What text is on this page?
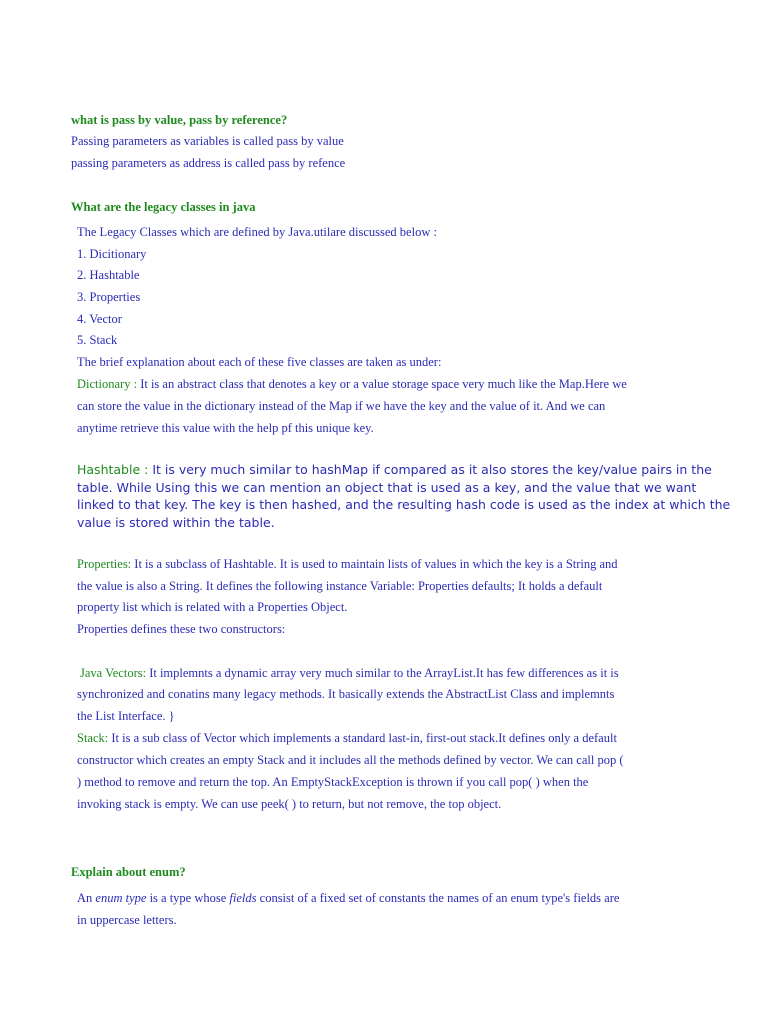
what is pass by value, pass by reference?
Passing parameters as variables is called pass by value
passing parameters as address is called pass by refence
What are the legacy classes in java
The Legacy Classes which are defined by Java.utilare discussed below :
1. Dicitionary
2. Hashtable
3. Properties
4. Vector
5. Stack
The brief explanation about each of these five classes are taken as under:
Dictionary : It is an abstract class that denotes a key or a value storage space very much like the Map.Here we
can store the value in the dictionary instead of the Map if we have the key and the value of it. And we can
anytime retrieve this value with the help pf this unique key.
Hashtable : It is very much similar to hashMap if compared as it also stores the key/value pairs in the
table. While Using this we can mention an object that is used as a key, and the value that we want
linked to that key. The key is then hashed, and the resulting hash code is used as the index at which the
value is stored within the table.
Properties: It is a subclass of Hashtable. It is used to maintain lists of values in which the key is a String and
the value is also a String. It defines the following instance Variable: Properties defaults; It holds a default
property list which is related with a Properties Object.
Properties defines these two constructors:
Java Vectors: It implemnts a dynamic array very much similar to the ArrayList.It has few differences as it is
synchronized and conatins many legacy methods. It basically extends the AbstractList Class and implemnts
the List Interface. }
Stack: It is a sub class of Vector which implements a standard last-in, first-out stack.It defines only a default
constructor which creates an empty Stack and it includes all the methods defined by vector. We can call pop (
) method to remove and return the top. An EmptyStackException is thrown if you call pop( ) when the
invoking stack is empty. We can use peek( ) to return, but not remove, the top object.
Explain about enum?
An enum type is a type whose fields consist of a fixed set of constants the names of an enum type's fields are
in uppercase letters.
